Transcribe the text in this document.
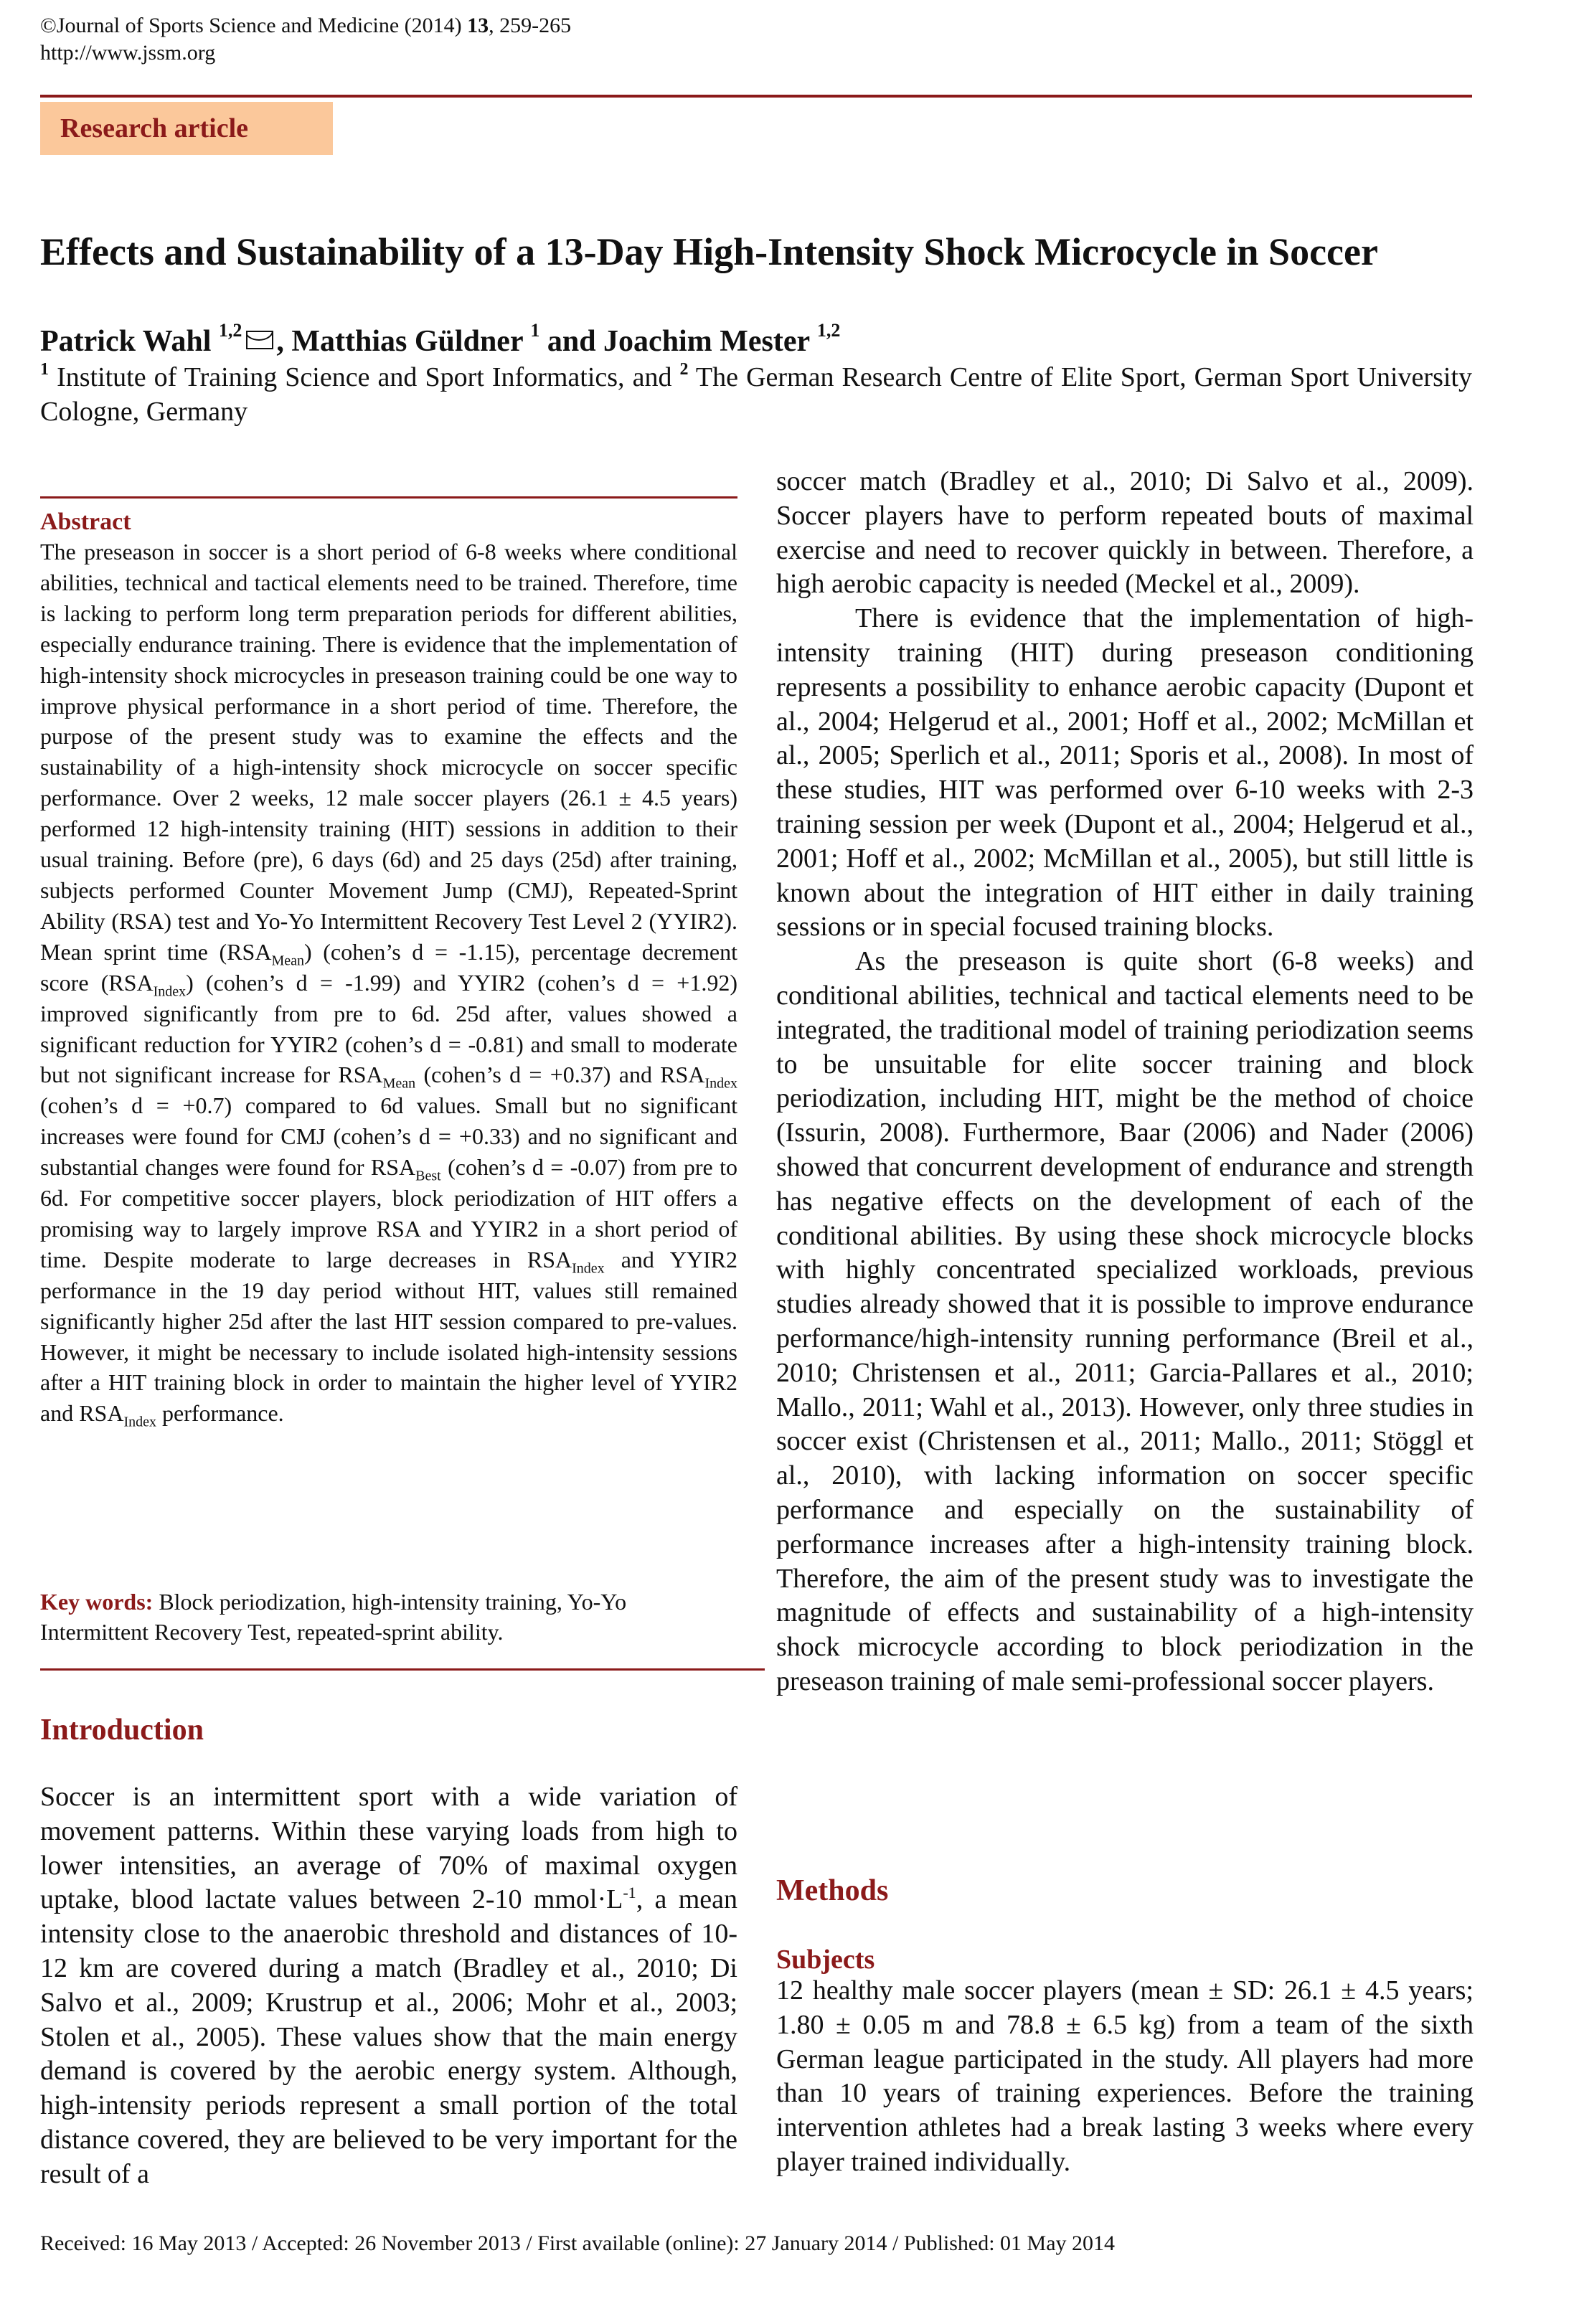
©Journal of Sports Science and Medicine (2014) 13, 259-265
http://www.jssm.org
Research article
Effects and Sustainability of a 13-Day High-Intensity Shock Microcycle in Soccer
Patrick Wahl $^{1,2}$ , Matthias Güldner $^1$ and Joachim Mester $^{1,2}$
$^1$ Institute of Training Science and Sport Informatics, and $^2$ The German Research Centre of Elite Sport, German Sport University Cologne, Germany
Abstract
The preseason in soccer is a short period of 6-8 weeks where conditional abilities, technical and tactical elements need to be trained. Therefore, time is lacking to perform long term preparation periods for different abilities, especially endurance training. There is evidence that the implementation of high-intensity shock microcycles in preseason training could be one way to improve physical performance in a short period of time. Therefore, the purpose of the present study was to examine the effects and the sustainability of a high-intensity shock microcycle on soccer specific performance. Over 2 weeks, 12 male soccer players (26.1 ± 4.5 years) performed 12 high-intensity training (HIT) sessions in addition to their usual training. Before (pre), 6 days (6d) and 25 days (25d) after training, subjects performed Counter Movement Jump (CMJ), Repeated-Sprint Ability (RSA) test and Yo-Yo Intermittent Recovery Test Level 2 (YYIR2). Mean sprint time $(RSA_{Mean})$ (cohen’s d = -1.15), percentage decrement score $(RSA_{Index})$ (cohen’s d = -1.99) and YYIR2 (cohen’s d = +1.92) improved significantly from pre to 6d. 25d after, values showed a significant reduction for YYIR2 (cohen’s d = -0.81) and small to moderate but not significant increase for $RSA_{Mean}$ (cohen’s d = +0.37) and $RSA_{Index}$ (cohen’s d = +0.7) compared to 6d values. Small but no significant increases were found for CMJ (cohen’s d = +0.33) and no significant and substantial changes were found for $RSA_{Best}$ (cohen’s d = -0.07) from pre to 6d. For competitive soccer players, block periodization of HIT offers a promising way to largely improve RSA and YYIR2 in a short period of time. Despite moderate to large decreases in $RSA_{Index}$ and YYIR2 performance in the 19 day period without HIT, values still remained significantly higher 25d after the last HIT session compared to pre-values. However, it might be necessary to include isolated high-intensity sessions after a HIT training block in order to maintain the higher level of YYIR2 and $RSA_{Index}$ performance.
Key words: Block periodization, high-intensity training, Yo-Yo Intermittent Recovery Test, repeated-sprint ability.
Introduction
Soccer is an intermittent sport with a wide variation of movement patterns. Within these varying loads from high to lower intensities, an average of 70% of maximal oxygen uptake, blood lactate values between 2-10 $mmol\cdot L^{-1}$, a mean intensity close to the anaerobic threshold and distances of 10-12 km are covered during a match (Bradley et al., 2010; Di Salvo et al., 2009; Krustrup et al., 2006; Mohr et al., 2003; Stolen et al., 2005). These values show that the main energy demand is covered by the aerobic energy system. Although, high-intensity periods represent a small portion of the total distance covered, they are believed to be very important for the result of a

soccer match (Bradley et al., 2010; Di Salvo et al., 2009). Soccer players have to perform repeated bouts of maximal exercise and need to recover quickly in between. Therefore, a high aerobic capacity is needed (Meckel et al., 2009).

There is evidence that the implementation of high-intensity training (HIT) during preseason conditioning represents a possibility to enhance aerobic capacity (Dupont et al., 2004; Helgerud et al., 2001; Hoff et al., 2002; McMillan et al., 2005; Sperlich et al., 2011; Sporis et al., 2008). In most of these studies, HIT was performed over 6-10 weeks with 2-3 training session per week (Dupont et al., 2004; Helgerud et al., 2001; Hoff et al., 2002; McMillan et al., 2005), but still little is known about the integration of HIT either in daily training sessions or in special focused training blocks.

As the preseason is quite short (6-8 weeks) and conditional abilities, technical and tactical elements need to be integrated, the traditional model of training periodization seems to be unsuitable for elite soccer training and block periodization, including HIT, might be the method of choice (Issurin, 2008). Furthermore, Baar (2006) and Nader (2006) showed that concurrent development of endurance and strength has negative effects on the development of each of the conditional abilities. By using these shock microcycle blocks with highly concentrated specialized workloads, previous studies already showed that it is possible to improve endurance performance/high-intensity running performance (Breil et al., 2010; Christensen et al., 2011; Garcia-Pallares et al., 2010; Mallo., 2011; Wahl et al., 2013). However, only three studies in soccer exist (Christensen et al., 2011; Mallo., 2011; Stöggl et al., 2010), with lacking information on soccer specific performance and especially on the sustainability of performance increases after a high-intensity training block. Therefore, the aim of the present study was to investigate the magnitude of effects and sustainability of a high-intensity shock microcycle according to block periodization in the preseason training of male semi-professional soccer players.

Methods
Subjects
12 healthy male soccer players (mean ± SD: 26.1 ± 4.5 years; 1.80 ± 0.05 m and 78.8 ± 6.5 kg) from a team of the sixth German league participated in the study. All players had more than 10 years of training experiences. Before the training intervention athletes had a break lasting 3 weeks where every player trained individually.
Received: 16 May 2013 / Accepted: 26 November 2013 / First available (online): 27 January 2014 / Published: 01 May 2014
